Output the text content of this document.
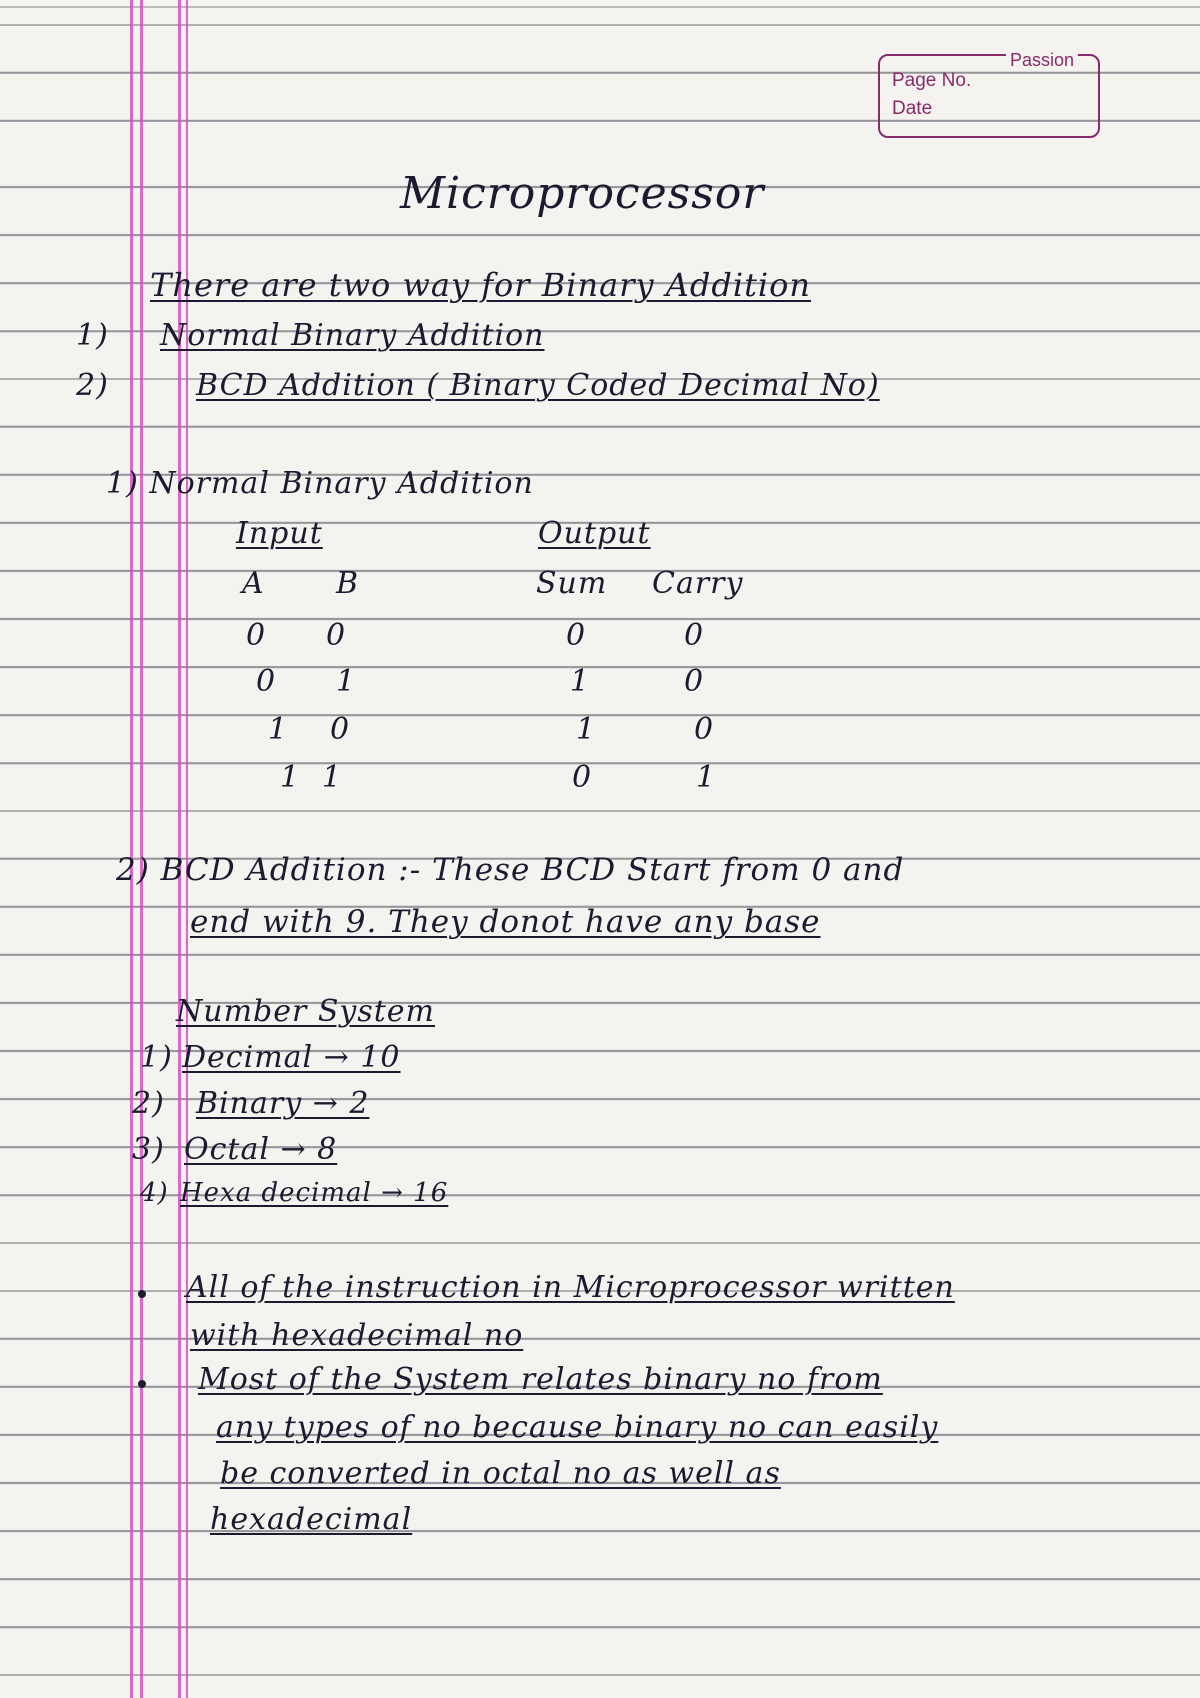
Passion
Page No.
Date
Microprocessor
There are two way for Binary Addition
1) Normal Binary Addition
2)	BCD Addition ( Binary Coded Decimal No)
1) Normal Binary Addition
Input	Output
A B	Sum Carry
0 0	0	0
0 1	1	0
1 0	1	0
1 1	0	1
2) BCD Addition :- These BCD Start from 0 and
end with 9. They donot have any base
Number System
1) Decimal → 10
2) Binary → 2
3) Octal → 8
4) Hexa decimal → 16
All of the instruction in Microprocessor written
with hexadecimal no
Most of the System relates binary no from
any types of no because binary no can easily
be converted in octal no as well as
hexadecimal
